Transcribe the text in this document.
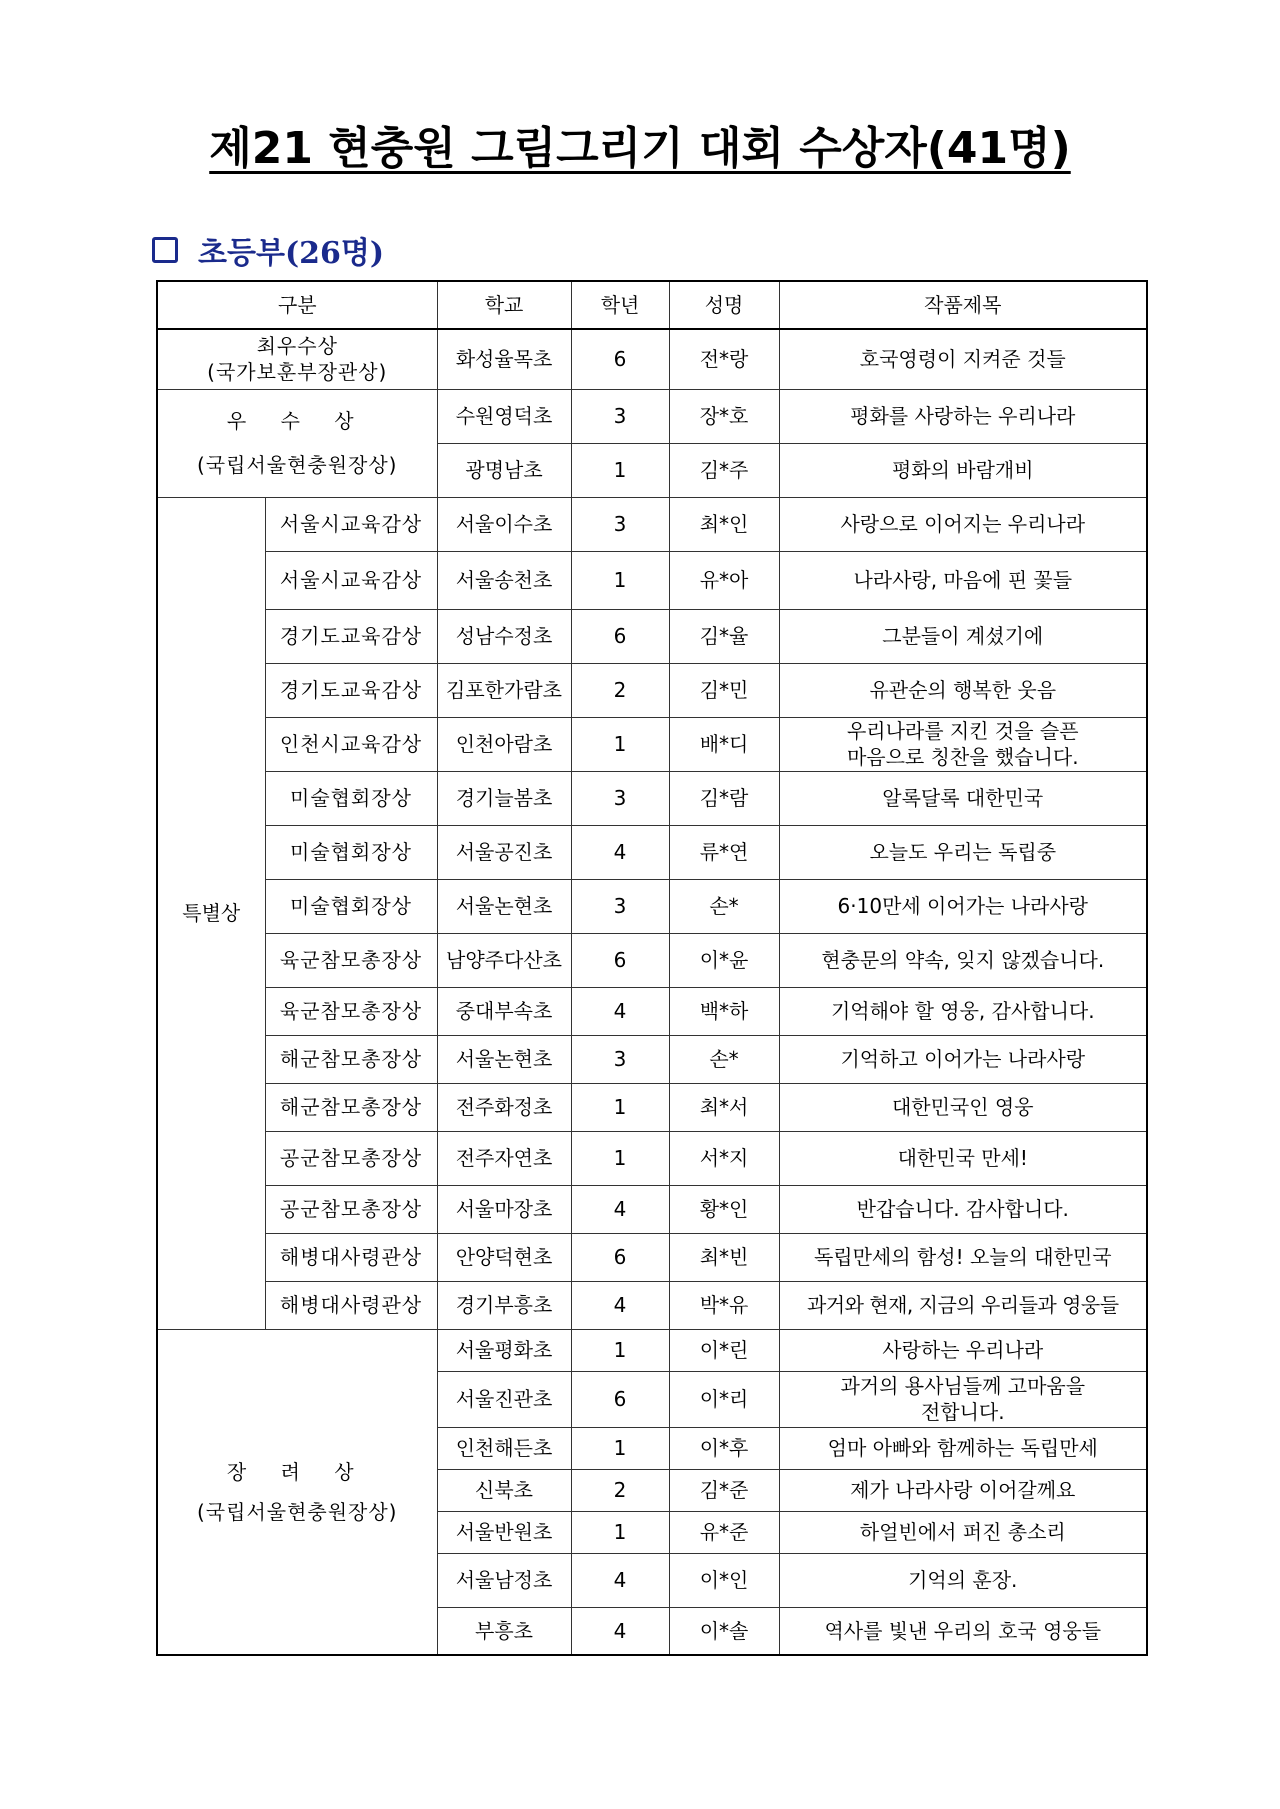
제21 현충원 그림그리기 대회 수상자(41명)
초등부(26명)
구분		학교	학년	성명	작품제목

최우수상
(국가보훈부장관상)		화성율목초	6	전*랑	호국영령이 지켜준 것들

우 수 상
(국립서울현충원장상)		수원영덕초	3	장*호	평화를 사랑하는 우리나라
		광명남초	1	김*주	평화의 바람개비
특별상	서울시교육감상	서울이수초	3	최*인	사랑으로 이어지는 우리나라
	서울시교육감상	서울송천초	1	유*아	나라사랑, 마음에 핀 꽃들
	경기도교육감상	성남수정초	6	김*율	그분들이 계셨기에
	경기도교육감상	김포한가람초	2	김*민	유관순의 행복한 웃음
	인천시교육감상	인천아람초	1	배*디	우리나라를 지킨 것을 슬픈
마음으로 칭찬을 했습니다.

	미술협회장상	경기늘봄초	3	김*람	알록달록 대한민국
	미술협회장상	서울공진초	4	류*연	오늘도 우리는 독립중
	미술협회장상	서울논현초	3	손*	6·10만세 이어가는 나라사랑
	육군참모총장상	남양주다산초	6	이*윤	현충문의 약속, 잊지 않겠습니다.
	육군참모총장상	중대부속초	4	백*하	기억해야 할 영웅, 감사합니다.
	해군참모총장상	서울논현초	3	손*	기억하고 이어가는 나라사랑
	해군참모총장상	전주화정초	1	최*서	대한민국인 영웅
	공군참모총장상	전주자연초	1	서*지	대한민국 만세!
	공군참모총장상	서울마장초	4	황*인	반갑습니다. 감사합니다.
	해병대사령관상	안양덕현초	6	최*빈	독립만세의 함성! 오늘의 대한민국
	해병대사령관상	경기부흥초	4	박*유	과거와 현재, 지금의 우리들과 영웅들

장 려 상
(국립서울현충원장상)		서울평화초	1	이*린	사랑하는 우리나라
		서울진관초	6	이*리	과거의 용사님들께 고마움을
전합니다.

		인천해든초	1	이*후	엄마 아빠와 함께하는 독립만세
		신북초	2	김*준	제가 나라사랑 이어갈께요
		서울반원초	1	유*준	하얼빈에서 퍼진 총소리
		서울남정초	4	이*인	기억의 훈장.
		부흥초	4	이*솔	역사를 빛낸 우리의 호국 영웅들
